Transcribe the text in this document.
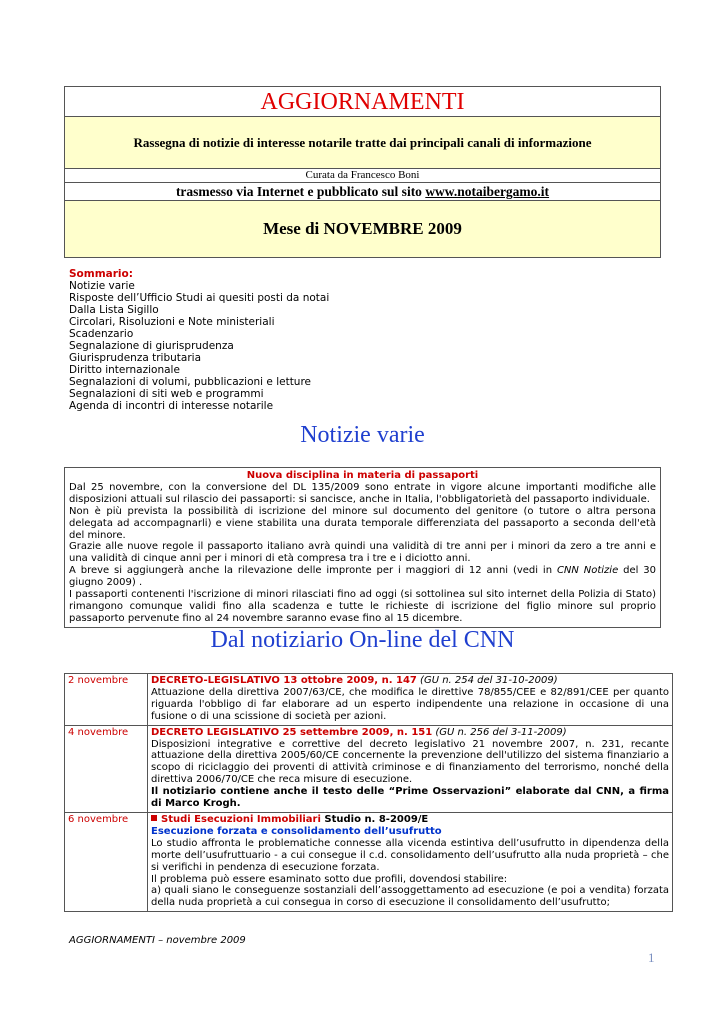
AGGIORNAMENTI
Rassegna di notizie di interesse notarile tratte dai principali canali di informazione
Curata da Francesco Boni
trasmesso via Internet e pubblicato sul sito www.notaibergamo.it
Mese di NOVEMBRE 2009
Sommario:
Notizie varie
Risposte dell’Ufficio Studi ai quesiti posti da notai
Dalla Lista Sigillo
Circolari, Risoluzioni e Note ministeriali
Scadenzario
Segnalazione di giurisprudenza
Giurisprudenza tributaria
Diritto internazionale
Segnalazioni di volumi, pubblicazioni e letture
Segnalazioni di siti web e programmi
Agenda di incontri di interesse notarile
Notizie varie
Nuova disciplina in materia di passaporti

Dal 25 novembre, con la conversione del DL 135/2009 sono entrate in vigore alcune importanti modifiche alle disposizioni attuali sul rilascio dei passaporti: si sancisce, anche in Italia, l'obbligatorietà del passaporto individuale.

Non è più prevista la possibilità di iscrizione del minore sul documento del genitore (o tutore o altra persona delegata ad accompagnarli) e viene stabilita una durata temporale differenziata del passaporto a seconda dell'età del minore.

Grazie alle nuove regole il passaporto italiano avrà quindi una validità di tre anni per i minori da zero a tre anni e una validità di cinque anni per i minori di età compresa tra i tre e i diciotto anni.

A breve si aggiungerà anche la rilevazione delle impronte per i maggiori di 12 anni (vedi in CNN Notizie del 30 giugno 2009) .

I passaporti contenenti l'iscrizione di minori rilasciati fino ad oggi (si sottolinea sul sito internet della Polizia di Stato) rimangono comunque validi fino alla scadenza e tutte le richieste di iscrizione del figlio minore sul proprio passaporto pervenute fino al 24 novembre saranno evase fino al 15 dicembre.

Dal notiziario On-line del CNN
2 novembre	DECRETO-LEGISLATIVO 13 ottobre 2009, n. 147 (GU n. 254 del 31-10-2009)
Attuazione della direttiva 2007/63/CE, che modifica le direttive 78/855/CEE e 82/891/CEE per quanto riguarda l'obbligo di far elaborare ad un esperto indipendente una relazione in occasione di una fusione o di una scissione di società per azioni.

4 novembre	DECRETO LEGISLATIVO 25 settembre 2009, n. 151 (GU n. 256 del 3-11-2009)
Disposizioni integrative e correttive del decreto legislativo 21 novembre 2007, n. 231, recante attuazione della direttiva 2005/60/CE concernente la prevenzione dell'utilizzo del sistema finanziario a scopo di riciclaggio dei proventi di attività criminose e di finanziamento del terrorismo, nonché della direttiva 2006/70/CE che reca misure di esecuzione.
Il notiziario contiene anche il testo delle “Prime Osservazioni” elaborate dal CNN, a firma di Marco Krogh.

6 novembre	Studi Esecuzioni Immobiliari Studio n. 8-2009/E
Esecuzione forzata e consolidamento dell’usufrutto
Lo studio affronta le problematiche connesse alla vicenda estintiva dell’usufrutto in dipendenza della morte dell’usufruttuario - a cui consegue il c.d. consolidamento dell’usufrutto alla nuda proprietà – che si verifichi in pendenza di esecuzione forzata.
Il problema può essere esaminato sotto due profili, dovendosi stabilire:
a) quali siano le conseguenze sostanziali dell’assoggettamento ad esecuzione (e poi a vendita) forzata della nuda proprietà a cui consegua in corso di esecuzione il consolidamento dell’usufrutto;
AGGIORNAMENTI – novembre 2009
1
